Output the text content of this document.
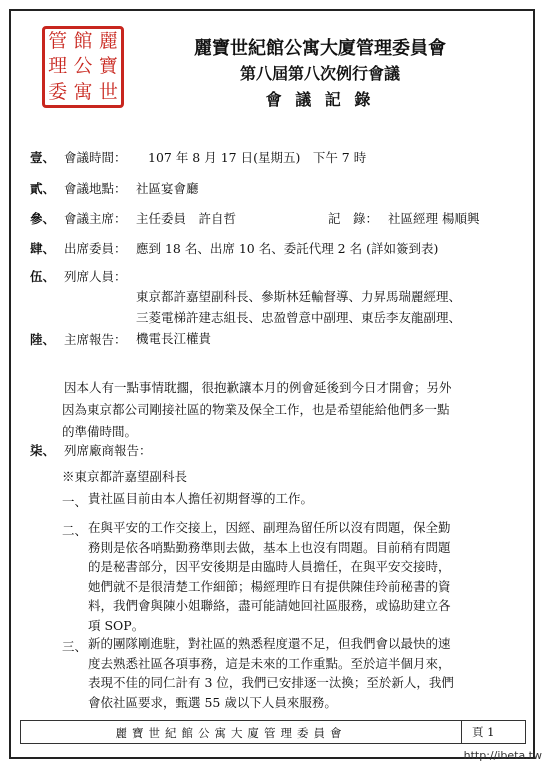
管 館 麗
理 公 寶
委 寓 世
麗寶世紀館公寓大廈管理委員會
第八屆第八次例行會議
會 議 記 錄
壹、 會議時間： 107 年 8 月 17 日(星期五)　下午 7 時
貳、 會議地點： 社區宴會廳
參、 會議主席： 主任委員　許自哲	記　錄： 社區經理 楊順興
肆、 出席委員： 應到 18 名、出席 10 名、委託代理 2 名 (詳如簽到表)
伍、 列席人員：

東京都許嘉望副科長、參斯林廷輸督導、力昇馬瑞麗經理、
三菱電梯許建志組長、忠盈曾意中副理、東岳李友龍副理、
機電長江權貴
陸、 主席報告：

因本人有一點事情耽擱，很抱歉讓本月的例會延後到今日才開會；另外
因為東京都公司剛接社區的物業及保全工作，也是希望能給他們多一點
的準備時間。
柒、 列席廠商報告：
※東京都許嘉望副科長
一、 貴社區目前由本人擔任初期督導的工作。
二、 在與平安的工作交接上，因經、副理為留任所以沒有問題，保全勤
務則是依各哨點勤務準則去做，基本上也沒有問題。目前稍有問題
的是秘書部分，因平安後期是由臨時人員擔任，在與平安交接時，
她們就不是很清楚工作細節；楊經理昨日有提供陳佳玲前秘書的資
料，我們會與陳小姐聯絡，盡可能請她回社區服務，或協助建立各
項 SOP。
三、 新的團隊剛進駐，對社區的熟悉程度還不足，但我們會以最快的速
度去熟悉社區各項事務，這是未來的工作重點。至於這半個月來，
表現不佳的同仁計有 3 位，我們已安排逐一汰換；至於新人，我們
會依社區要求，甄選 55 歲以下人員來服務。
麗寶世紀館公寓大廈管理委員會	頁 1
http://ibeta.tw
